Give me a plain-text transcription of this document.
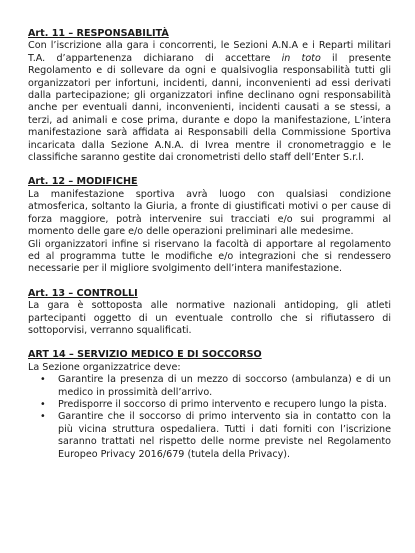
Art. 11 – RESPONSABILITÀ

Con l’iscrizione alla gara i concorrenti, le Sezioni A.N.A e i Reparti militari T.A. d’appartenenza dichiarano di accettare in toto il presente Regolamento e di sollevare da ogni e qualsivoglia responsabilità tutti gli organizzatori per infortuni, incidenti, danni, inconvenienti ad essi derivati dalla partecipazione; gli organizzatori infine declinano ogni responsabilità anche per eventuali danni, inconvenienti, incidenti causati a se stessi, a terzi, ad animali e cose prima, durante e dopo la manifestazione, L’intera manifestazione sarà affidata ai Responsabili della Commissione Sportiva incaricata dalla Sezione A.N.A. di Ivrea mentre il cronometraggio e le classifiche saranno gestite dai cronometristi dello staff dell’Enter S.r.l.

Art. 12 – MODIFICHE

La manifestazione sportiva avrà luogo con qualsiasi condizione atmosferica, soltanto la Giuria, a fronte di giustificati motivi o per cause di forza maggiore, potrà intervenire sui tracciati e/o sui programmi al momento delle gare e/o delle operazioni preliminari alle medesime.

Gli organizzatori infine si riservano la facoltà di apportare al regolamento ed al programma tutte le modifiche e/o integrazioni che si rendessero necessarie per il migliore svolgimento dell’intera manifestazione.

Art. 13 – CONTROLLI

La gara è sottoposta alle normative nazionali antidoping, gli atleti partecipanti oggetto di un eventuale controllo che si rifiutassero di sottoporvisi, verranno squalificati.

ART 14 – SERVIZIO MEDICO E DI SOCCORSO

La Sezione organizzatrice deve:

• Garantire la presenza di un mezzo di soccorso (ambulanza) e di un medico in prossimità dell’arrivo.
• Predisporre il soccorso di primo intervento e recupero lungo la pista.
• Garantire che il soccorso di primo intervento sia in contatto con la più vicina struttura ospedaliera. Tutti i dati forniti con l’iscrizione saranno trattati nel rispetto delle norme previste nel Regolamento Europeo Privacy 2016/679 (tutela della Privacy).
